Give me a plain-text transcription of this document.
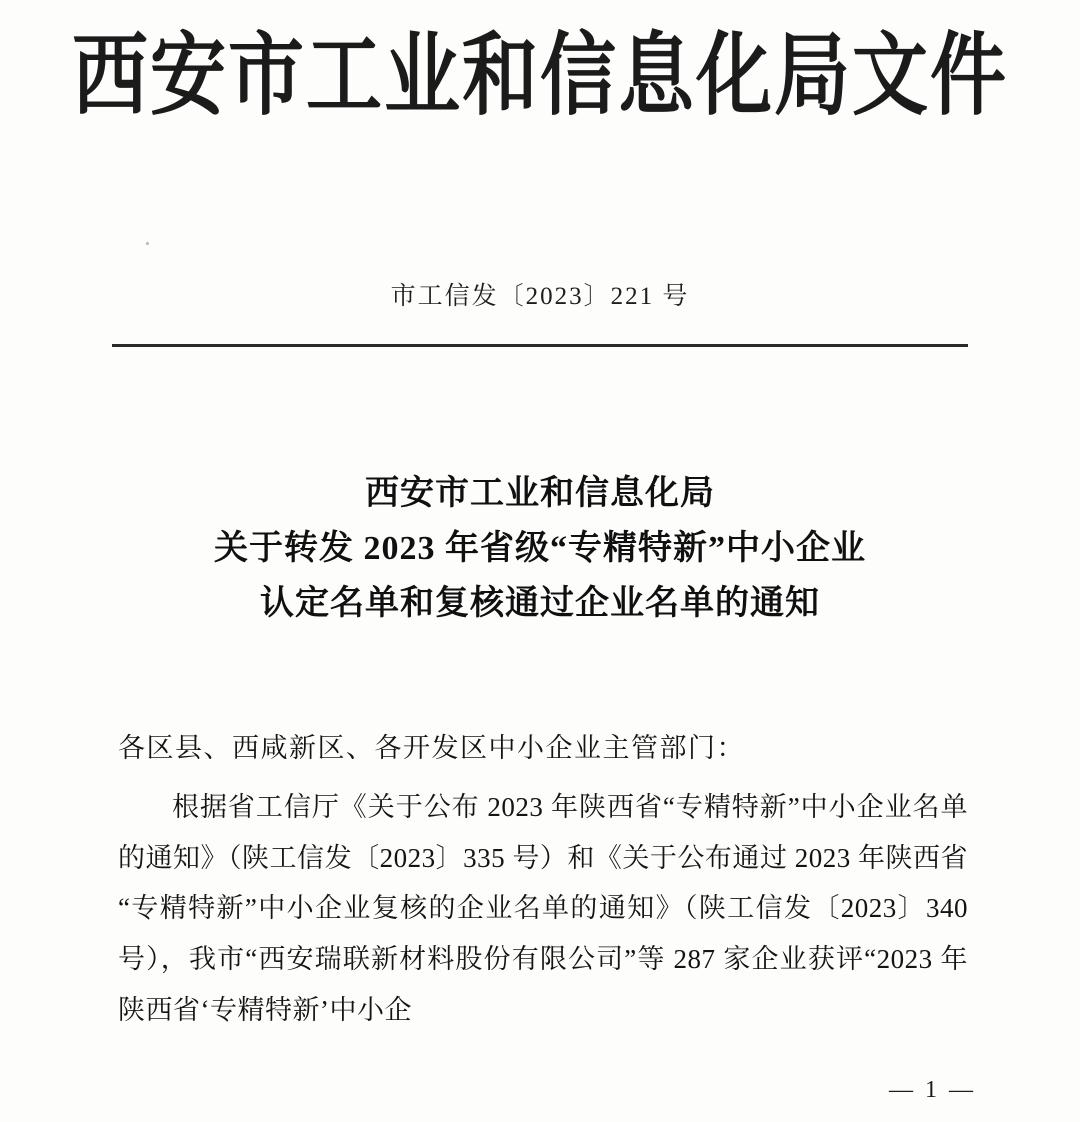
西安市工业和信息化局文件
市工信发〔2023〕221 号
西安市工业和信息化局
关于转发 2023 年省级“专精特新”中小企业
认定名单和复核通过企业名单的通知
各区县、西咸新区、各开发区中小企业主管部门：
根据省工信厅《关于公布 2023 年陕西省“专精特新”中小企业名单的通知》（陕工信发〔2023〕335 号）和《关于公布通过 2023 年陕西省“专精特新”中小企业复核的企业名单的通知》（陕工信发〔2023〕340 号），我市“西安瑞联新材料股份有限公司”等 287 家企业获评“2023 年陕西省‘专精特新’中小企
— 1 —
